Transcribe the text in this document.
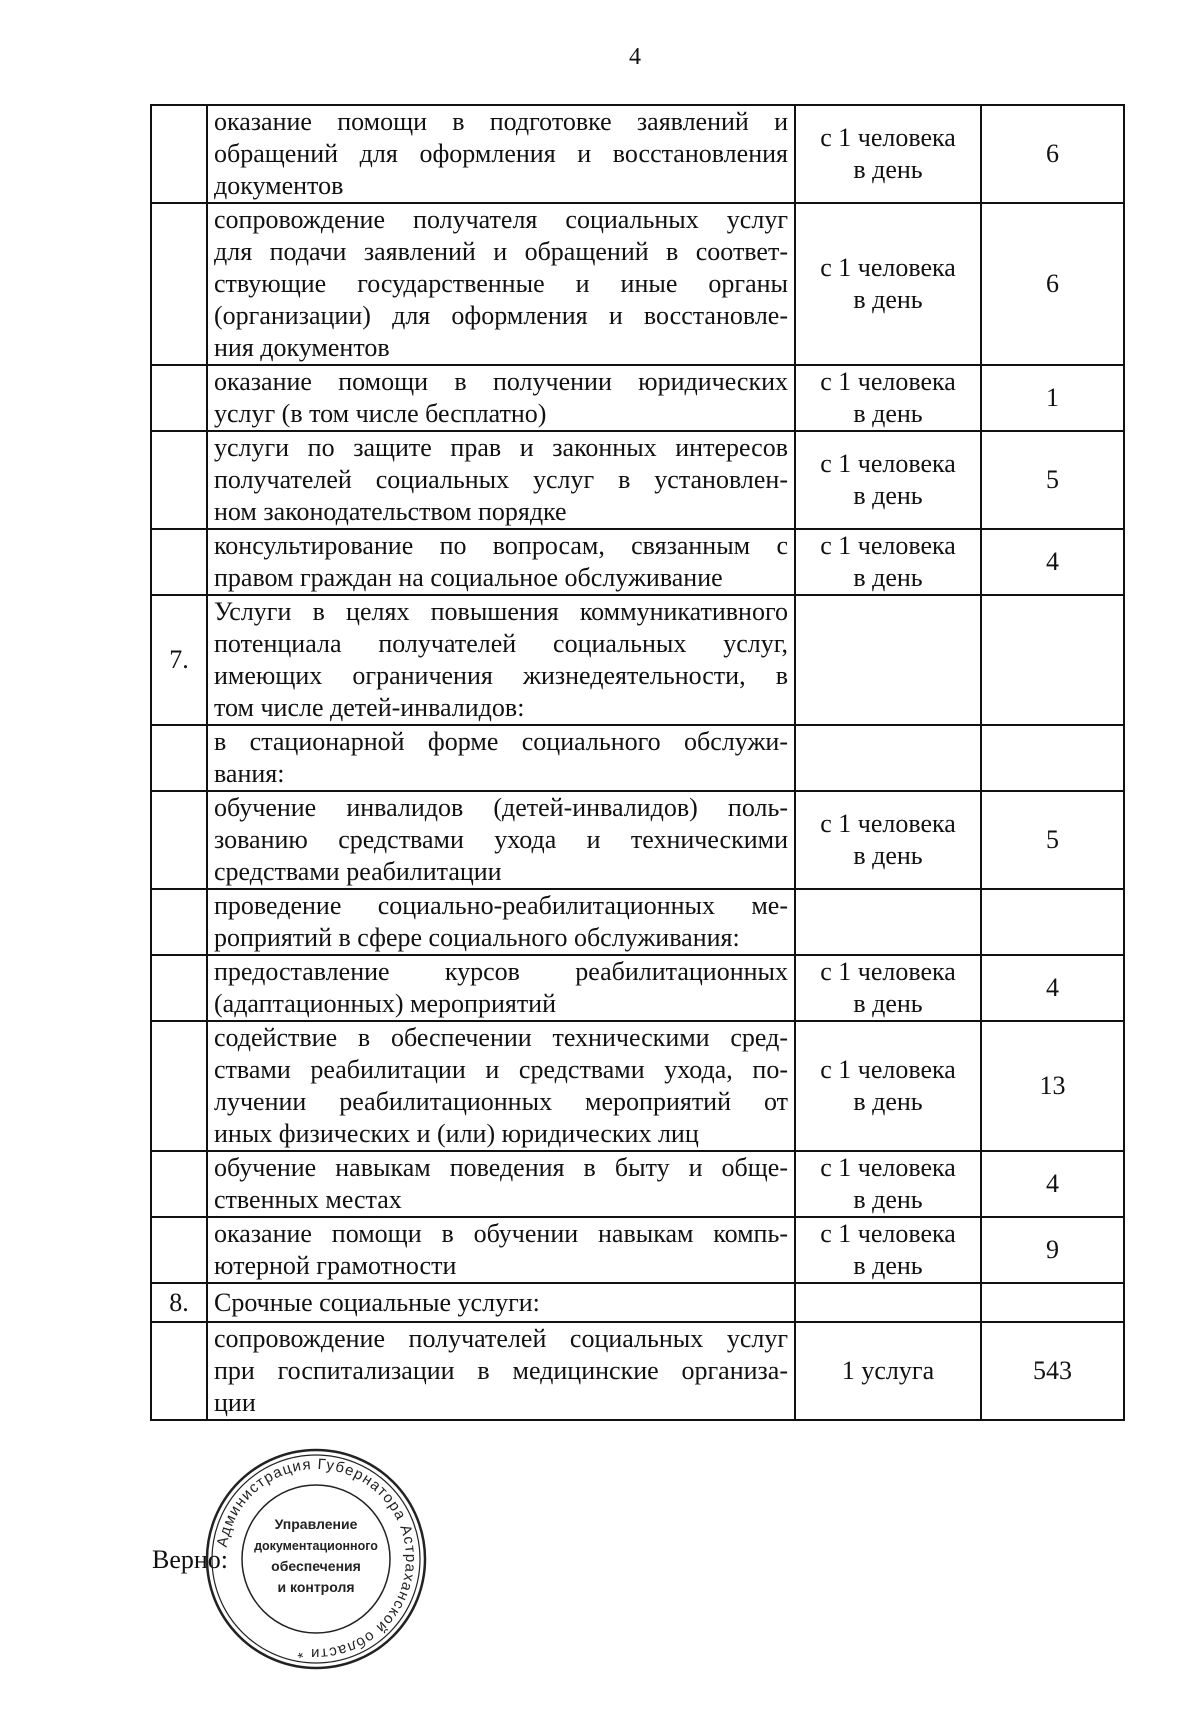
4

	оказание помощи в подготовке заявлений и
обращений для оформления и восстановления
документов	с 1 человека
в день	6

	сопровождение получателя социальных услуг
для подачи заявлений и обращений в соответ-
ствующие государственные и иные органы
(организации) для оформления и восстановле-
ния документов	с 1 человека
в день	6

	оказание помощи в получении юридических
услуг (в том числе бесплатно)	с 1 человека
в день	1

	услуги по защите прав и законных интересов
получателей социальных услуг в установлен-
ном законодательством порядке	с 1 человека
в день	5

	консультирование по вопросам, связанным с
правом граждан на социальное обслуживание	с 1 человека
в день	4
7.	Услуги в целях повышения коммуникативного
потенциала получателей социальных услуг,
имеющих ограничения жизнедеятельности, в
том числе детей-инвалидов:		

	в стационарной форме социального обслужи-
вания:		

	обучение инвалидов (детей-инвалидов) поль-
зованию средствами ухода и техническими
средствами реабилитации	с 1 человека
в день	5

	проведение социально-реабилитационных ме-
роприятий в сфере социального обслуживания:		

	предоставление курсов реабилитационных
(адаптационных) мероприятий	с 1 человека
в день	4

	содействие в обеспечении техническими сред-
ствами реабилитации и средствами ухода, по-
лучении реабилитационных мероприятий от
иных физических и (или) юридических лиц	с 1 человека
в день	13

	обучение навыкам поведения в быту и обще-
ственных местах	с 1 человека
в день	4

	оказание помощи в обучении навыкам компь-
ютерной грамотности	с 1 человека
в день	9
8.	Срочные социальные услуги:		

	сопровождение получателей социальных услуг
при госпитализации в медицинские организа-
ции	1 услуга	543
Верно:
Администрация Губернатора Астраханской области *
Управление
документационного
обеспечения
и контроля
